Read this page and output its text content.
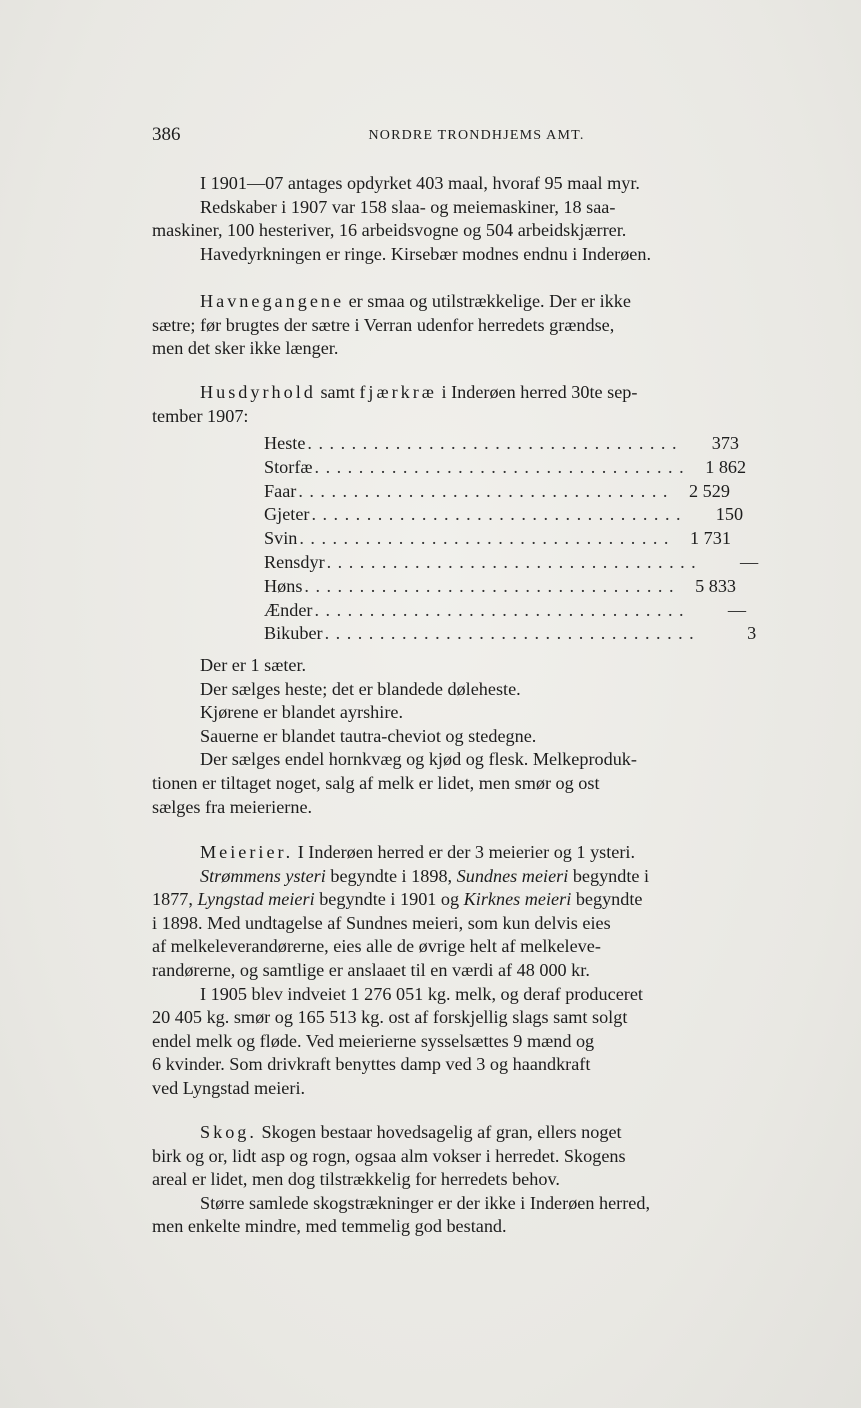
386	NORDRE TRONDHJEMS AMT.

I 1901—07 antages opdyrket 403 maal, hvoraf 95 maal myr.

Redskaber i 1907 var 158 slaa- og meiemaskiner, 18 saa-

maskiner, 100 hesteriver, 16 arbeidsvogne og 504 arbeidskjærrer.

Havedyrkningen er ringe. Kirsebær modnes endnu i Inderøen.

Havnegangene er smaa og utilstrækkelige. Der er ikke

sætre; før brugtes der sætre i Verran udenfor herredets grændse,

men det sker ikke længer.

Husdyrhold samt fjærkræ i Inderøen herred 30te sep-

tember 1907:

Heste ..................................	373
Storfæ .................................. 1 862
Faar .................................. 2 529
Gjeter ..................................	150
Svin .................................. 1 731
Rensdyr ..................................	—
Høns .................................. 5 833
Ænder ..................................	—
Bikuber ..................................	3

Der er 1 sæter.

Der sælges heste; det er blandede døleheste.

Kjørene er blandet ayrshire.

Sauerne er blandet tautra-cheviot og stedegne.

Der sælges endel hornkvæg og kjød og flesk. Melkeproduk-

tionen er tiltaget noget, salg af melk er lidet, men smør og ost

sælges fra meierierne.

Meierier. I Inderøen herred er der 3 meierier og 1 ysteri.

Strømmens ysteri begyndte i 1898, Sundnes meieri begyndte i

1877, Lyngstad meieri begyndte i 1901 og Kirknes meieri begyndte

i 1898. Med undtagelse af Sundnes meieri, som kun delvis eies

af melkeleverandørerne, eies alle de øvrige helt af melkeleve-

randørerne, og samtlige er anslaaet til en værdi af 48 000 kr.

I 1905 blev indveiet 1 276 051 kg. melk, og deraf produceret

20 405 kg. smør og 165 513 kg. ost af forskjellig slags samt solgt

endel melk og fløde. Ved meierierne sysselsættes 9 mænd og

6 kvinder. Som drivkraft benyttes damp ved 3 og haandkraft

ved Lyngstad meieri.

Skog. Skogen bestaar hovedsagelig af gran, ellers noget

birk og or, lidt asp og rogn, ogsaa alm vokser i herredet. Skogens

areal er lidet, men dog tilstrækkelig for herredets behov.

Større samlede skogstrækninger er der ikke i Inderøen herred,

men enkelte mindre, med temmelig god bestand.
